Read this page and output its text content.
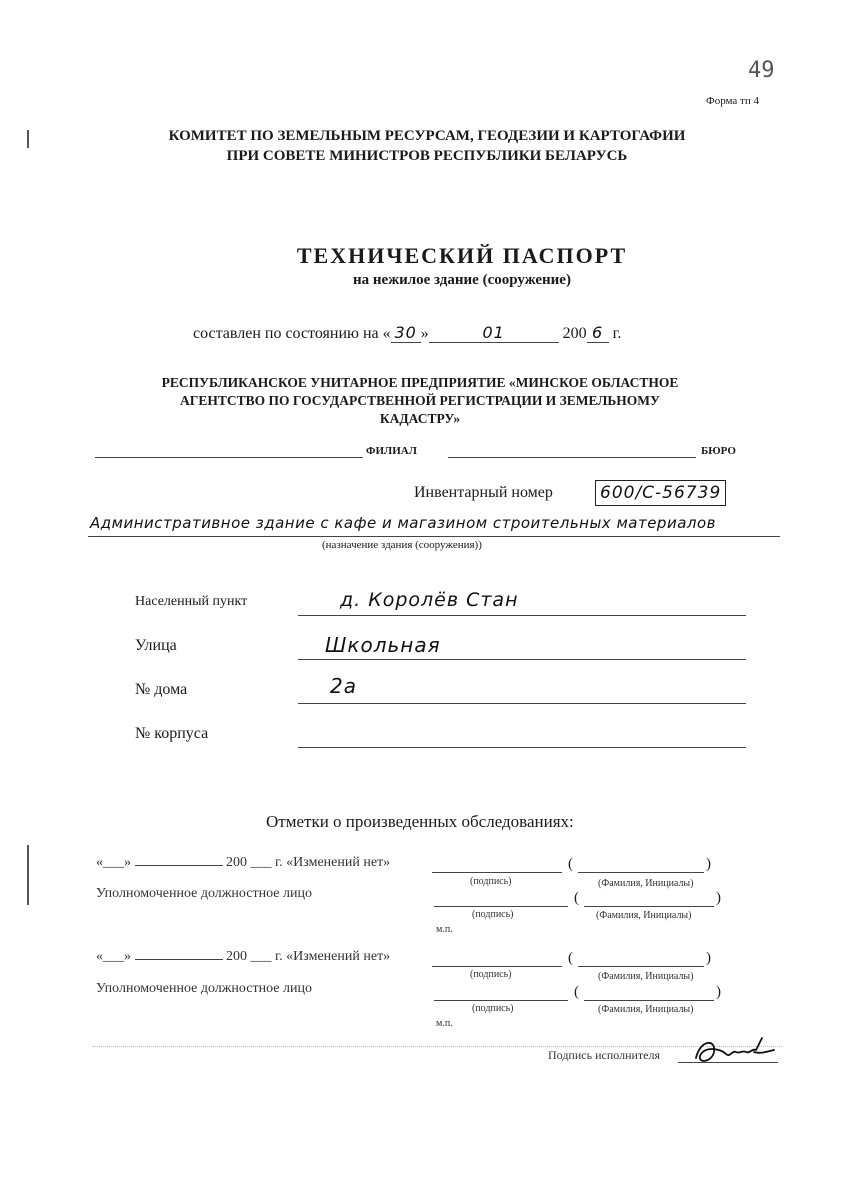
49
Форма тп 4
КОМИТЕТ ПО ЗЕМЕЛЬНЫМ РЕСУРСАМ, ГЕОДЕЗИИ И КАРТОГАФИИ
ПРИ СОВЕТЕ МИНИСТРОВ РЕСПУБЛИКИ БЕЛАРУСЬ
ТЕХНИЧЕСКИЙ ПАСПОРТ
на нежилое здание (сооружение)
составлен по состоянию на « 30 »	01	200 6 г.
РЕСПУБЛИКАНСКОЕ УНИТАРНОЕ ПРЕДПРИЯТИЕ «МИНСКОЕ ОБЛАСТНОЕ
АГЕНТСТВО ПО ГОСУДАРСТВЕННОЙ РЕГИСТРАЦИИ И ЗЕМЕЛЬНОМУ
КАДАСТРУ»
ФИЛИАЛ	БЮРО
Инвентарный номер	600/С-56739
Административное здание с кафе и магазином строительных материалов
(назначение здания (сооружения))
Населенный пункт	д. Королёв Стан
Улица	Школьная
№ дома	2а
№ корпуса
Отметки о произведенных обследованиях:
«___»	200 ___ г. «Изменений нет»	(	)
(подпись)	(Фамилия, Инициалы)
Уполномоченное должностное лицо	(	)
(подпись)	(Фамилия, Инициалы)
м.п.
«___»	200 ___ г. «Изменений нет»	(	)
(подпись)	(Фамилия, Инициалы)
Уполномоченное должностное лицо	(	)
(подпись)	(Фамилия, Инициалы)
м.п.
Подпись исполнителя
